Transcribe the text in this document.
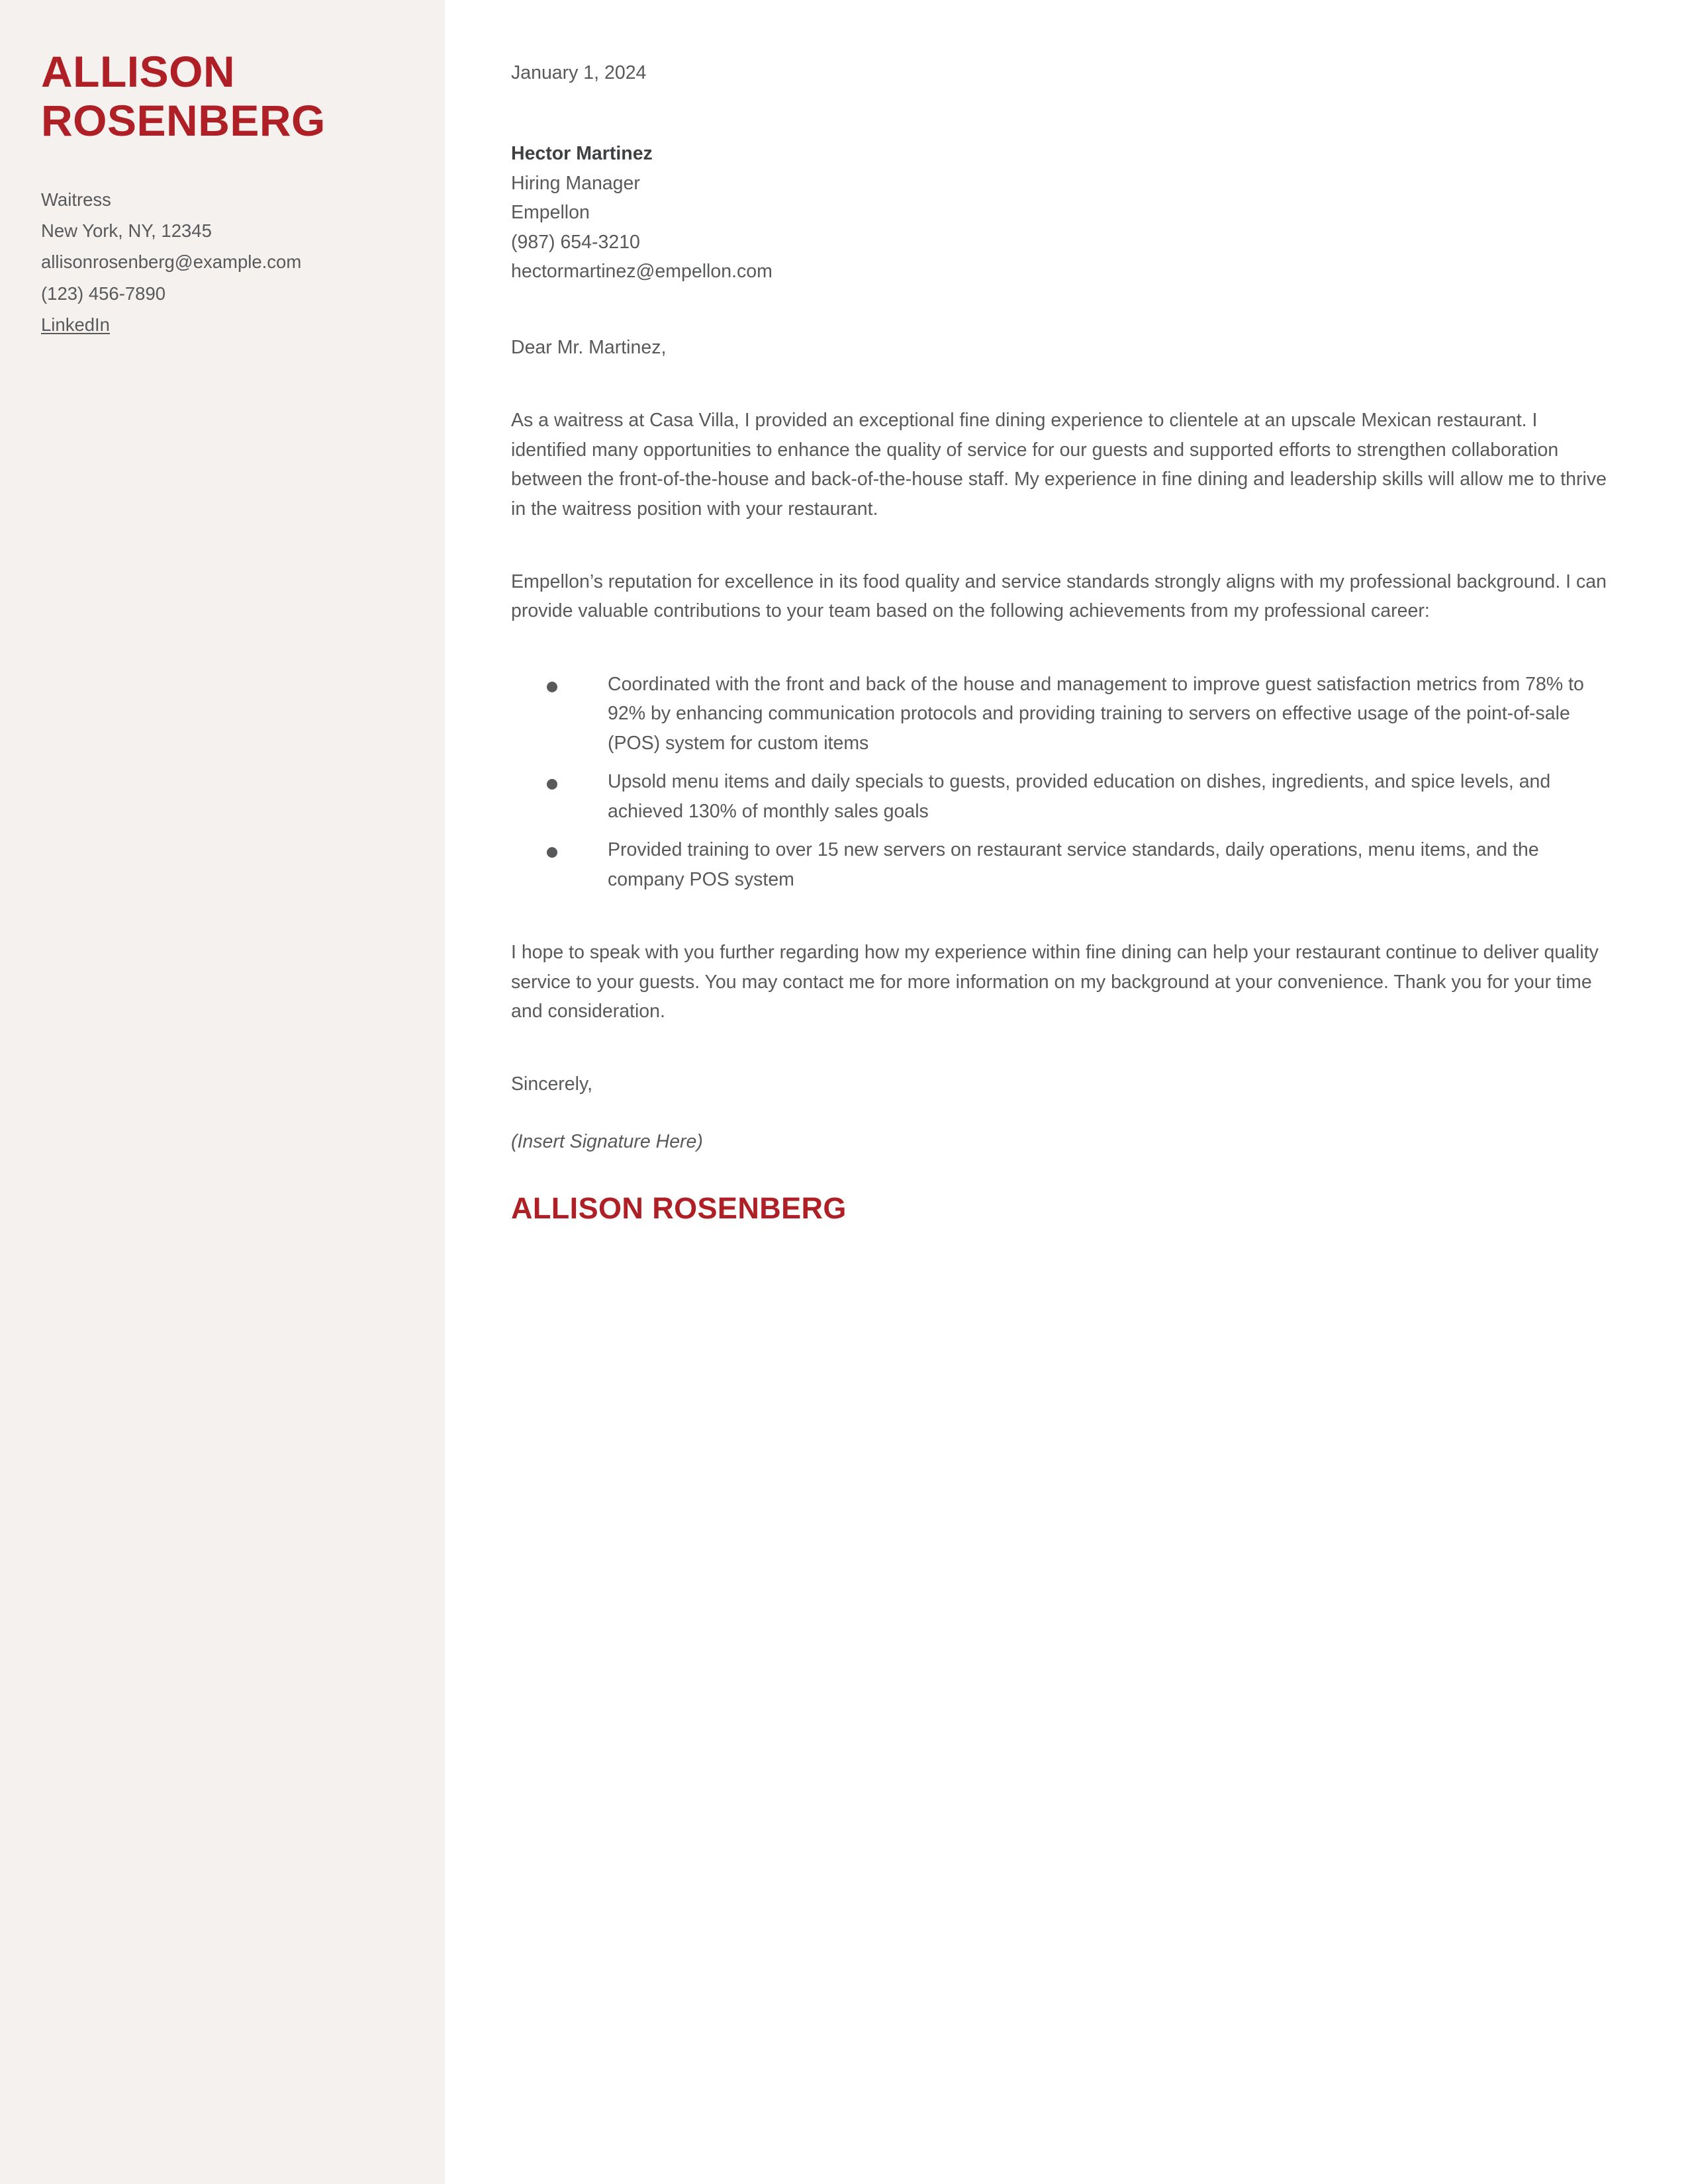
ALLISON
ROSENBERG
Waitress
New York, NY, 12345
allisonrosenberg@example.com
(123) 456-7890
LinkedIn

January 1, 2024

Hector Martinez
Hiring Manager
Empellon
(987) 654-3210
hectormartinez@empellon.com

Dear Mr. Martinez,

As a waitress at Casa Villa, I provided an exceptional fine dining experience to clientele at an upscale Mexican restaurant. I identified many opportunities to enhance the quality of service for our guests and supported efforts to strengthen collaboration between the front-of-the-house and back-of-the-house staff. My experience in fine dining and leadership skills will allow me to thrive in the waitress position with your restaurant.

Empellon’s reputation for excellence in its food quality and service standards strongly aligns with my professional background. I can provide valuable contributions to your team based on the following achievements from my professional career:

Coordinated with the front and back of the house and management to improve guest satisfaction metrics from 78% to 92% by enhancing communication protocols and providing training to servers on effective usage of the point-of-sale (POS) system for custom items
Upsold menu items and daily specials to guests, provided education on dishes, ingredients, and spice levels, and achieved 130% of monthly sales goals
Provided training to over 15 new servers on restaurant service standards, daily operations, menu items, and the company POS system

I hope to speak with you further regarding how my experience within fine dining can help your restaurant continue to deliver quality service to your guests. You may contact me for more information on my background at your convenience. Thank you for your time and consideration.

Sincerely,

(Insert Signature Here)

ALLISON ROSENBERG
